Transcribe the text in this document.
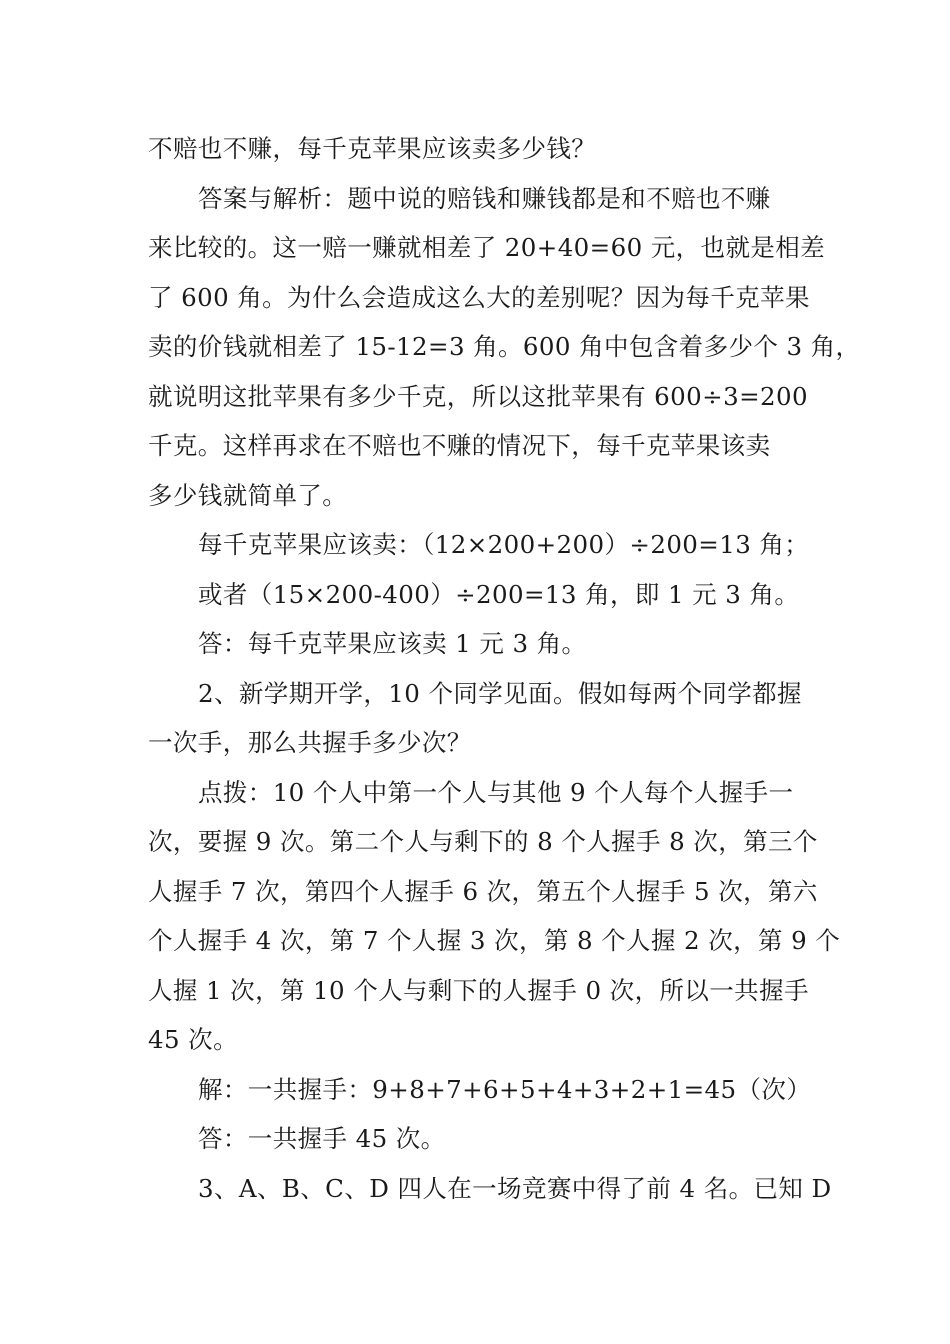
不赔也不赚，每千克苹果应该卖多少钱？

答案与解析：题中说的赔钱和赚钱都是和不赔也不赚

来比较的。这一赔一赚就相差了 20+40=60 元，也就是相差

了 600 角。为什么会造成这么大的差别呢？因为每千克苹果

卖的价钱就相差了 15-12=3 角。600 角中包含着多少个 3 角，

就说明这批苹果有多少千克，所以这批苹果有 600÷3=200

千克。这样再求在不赔也不赚的情况下，每千克苹果该卖

多少钱就简单了。

每千克苹果应该卖：（12×200+200）÷200=13 角；

或者（15×200-400）÷200=13 角，即 1 元 3 角。

答：每千克苹果应该卖 1 元 3 角。

2、新学期开学，10 个同学见面。假如每两个同学都握

一次手，那么共握手多少次？

点拨：10 个人中第一个人与其他 9 个人每个人握手一

次，要握 9 次。第二个人与剩下的 8 个人握手 8 次，第三个

人握手 7 次，第四个人握手 6 次，第五个人握手 5 次，第六

个人握手 4 次，第 7 个人握 3 次，第 8 个人握 2 次，第 9 个

人握 1 次，第 10 个人与剩下的人握手 0 次，所以一共握手

45 次。

解：一共握手：9+8+7+6+5+4+3+2+1=45（次）

答：一共握手 45 次。

3、A、B、C、D 四人在一场竞赛中得了前 4 名。已知 D
